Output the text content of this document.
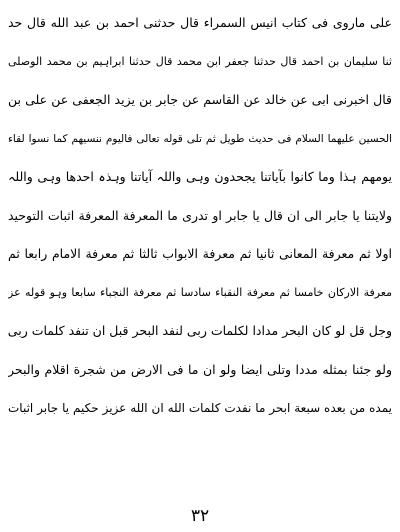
علی ماروی فی کتاب انیس السمراء قال حدثنی احمد بن عبد الله قال حد
ثنا سلیمان بن احمد قال حدثنا جعفر ابن محمد قال حدثنا ابراہیم بن محمد الوصلی
قال اخبرنی ابی عن خالد عن القاسم عن جابر بن یزید الجعفی عن علی بن
الحسین علیهما السلام فی حدیث طویل ثم تلی قوله تعالی فالیوم ننسیهم کما نسوا لقاء
یومهم ہذا وما کانوا بآیاتنا یجحدون وہی واللہ آیاتنا وہذہ احدها وہی واللہ
ولایتنا یا جابر الی ان قال یا جابر او تدری ما المعرفة المعرفة اثبات التوحید
اولا ثم معرفة المعانی ثانیا ثم معرفة الابواب ثالثا ثم معرفة الامام رابعا ثم
معرفة الارکان خامسا ثم معرفة النقباء سادسا ثم معرفة النجباء سابعا وہو قوله عز
وجل قل لو کان البحر مدادا لکلمات ربی لنفد البحر قبل ان تنفد کلمات ربی
ولو جئنا بمثله مددا وتلی ایضا ولو ان ما فی الارض من شجرة اقلام والبحر
یمده من بعده سبعة ابحر ما نفدت کلمات الله ان الله عزیز حکیم یا جابر اثبات
۳۲
